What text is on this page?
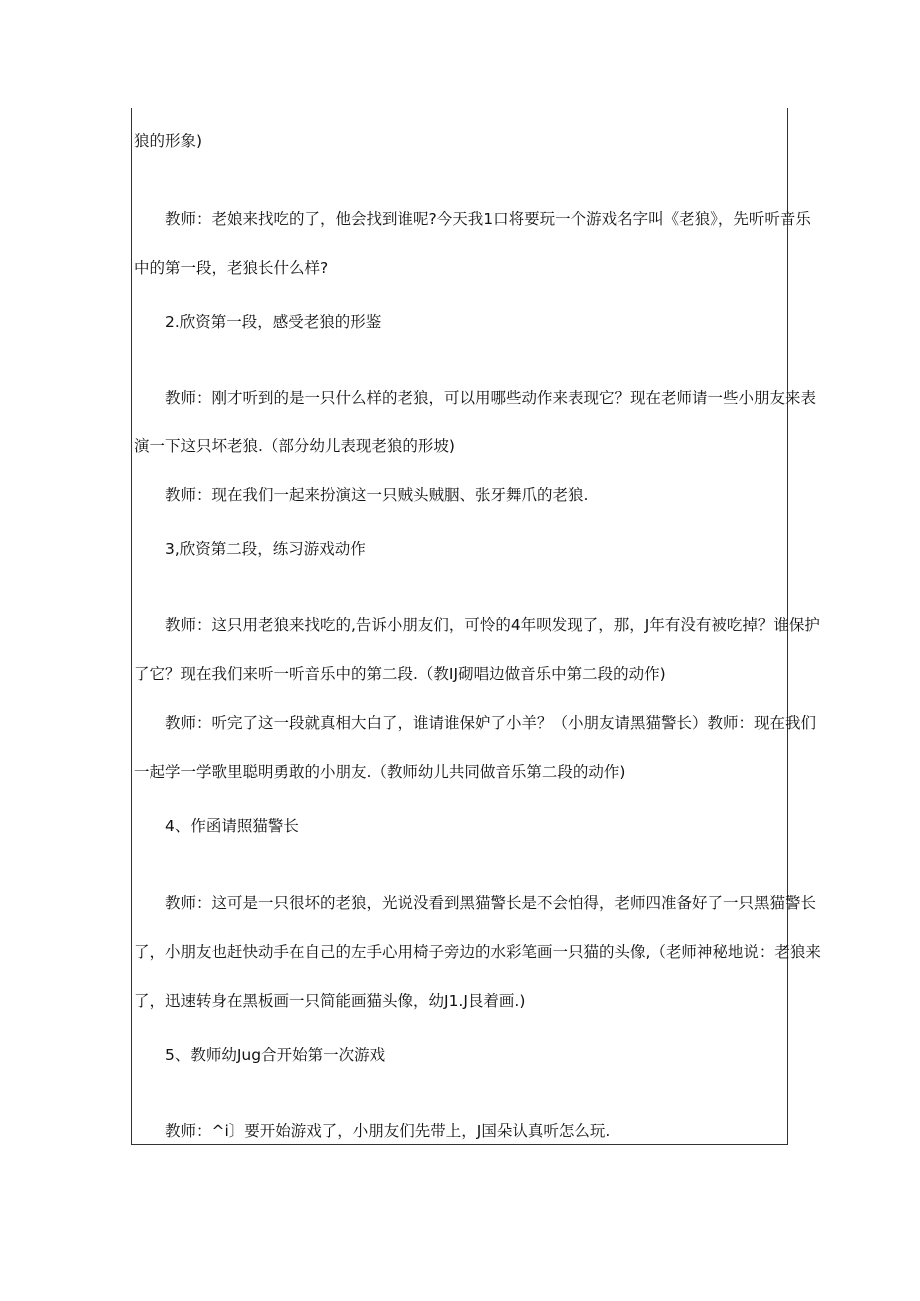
狼的形象)
教师：老娘来找吃的了，他会找到谁呢?今天我1口将要玩一个游戏名字叫《老狼》，先听听音乐
中的第一段，老狼长什么样?
2.欣资第一段，感受老狼的形鉴
教师：刚才听到的是一只什么样的老狼，可以用哪些动作来表现它？现在老师请一些小朋友来表
演一下这只坏老狼.（部分幼儿表现老狼的形坡)
教师：现在我们一起来扮演这一只贼头贼胭、张牙舞爪的老狼.
3,欣资第二段，练习游戏动作
教师：这只用老狼来找吃的,告诉小朋友们，可怜的4年呗发现了，那，J年有没有被吃掉？谁保护
了它？现在我们来听一听音乐中的第二段.（教IJ砌唱边做音乐中第二段的动作)
教师：听完了这一段就真相大白了，谁请谁保妒了小羊？（小朋友请黑猫警长）教师：现在我们
一起学一学歌里聪明勇敢的小朋友.（教师幼儿共同做音乐第二段的动作)
4、作函请照猫警长
教师：这可是一只很坏的老狼，光说没看到黑猫警长是不会怕得，老师四准备好了一只黑猫警长
了，小朋友也赶快动手在自己的左手心用椅子旁边的水彩笔画一只猫的头像,（老师神秘地说：老狼来
了，迅速转身在黑板画一只简能画猫头像，幼J1.J艮着画.)
5、教师幼Jug合开始第一次游戏
教师：^i〕要开始游戏了，小朋友们先带上，J国朵认真听怎么玩.
